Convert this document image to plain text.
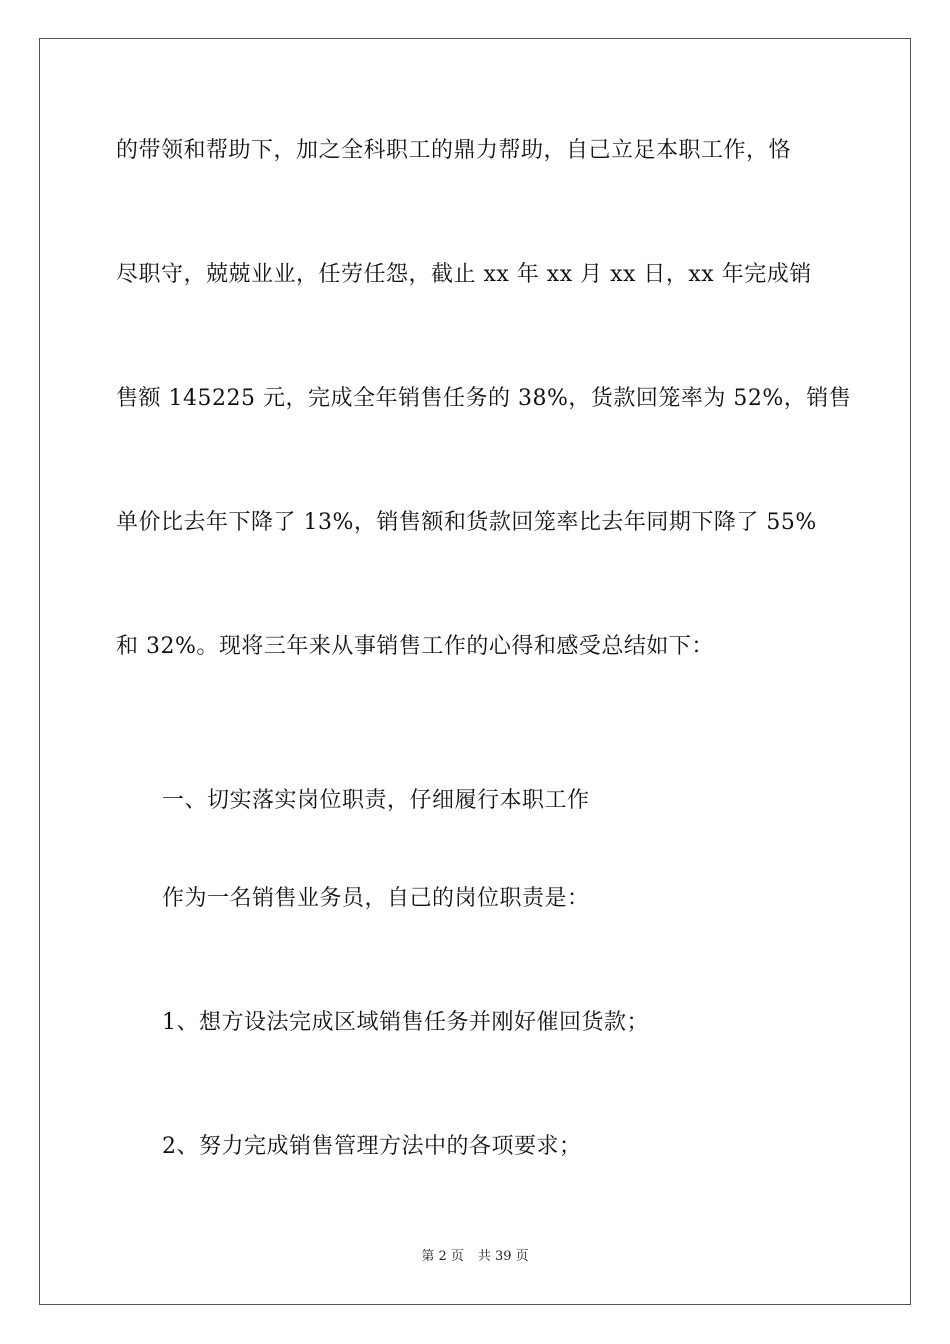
的带领和帮助下，加之全科职工的鼎力帮助，自己立足本职工作，恪
尽职守，兢兢业业，任劳任怨，截止 xx 年 xx 月 xx 日，xx 年完成销
售额 145225 元，完成全年销售任务的 38%，货款回笼率为 52%，销售
单价比去年下降了 13%，销售额和货款回笼率比去年同期下降了 55%
和 32%。现将三年来从事销售工作的心得和感受总结如下：
一、切实落实岗位职责，仔细履行本职工作
作为一名销售业务员，自己的岗位职责是：
1、想方设法完成区域销售任务并刚好催回货款；
2、努力完成销售管理方法中的各项要求；
第 2 页 共 39 页
